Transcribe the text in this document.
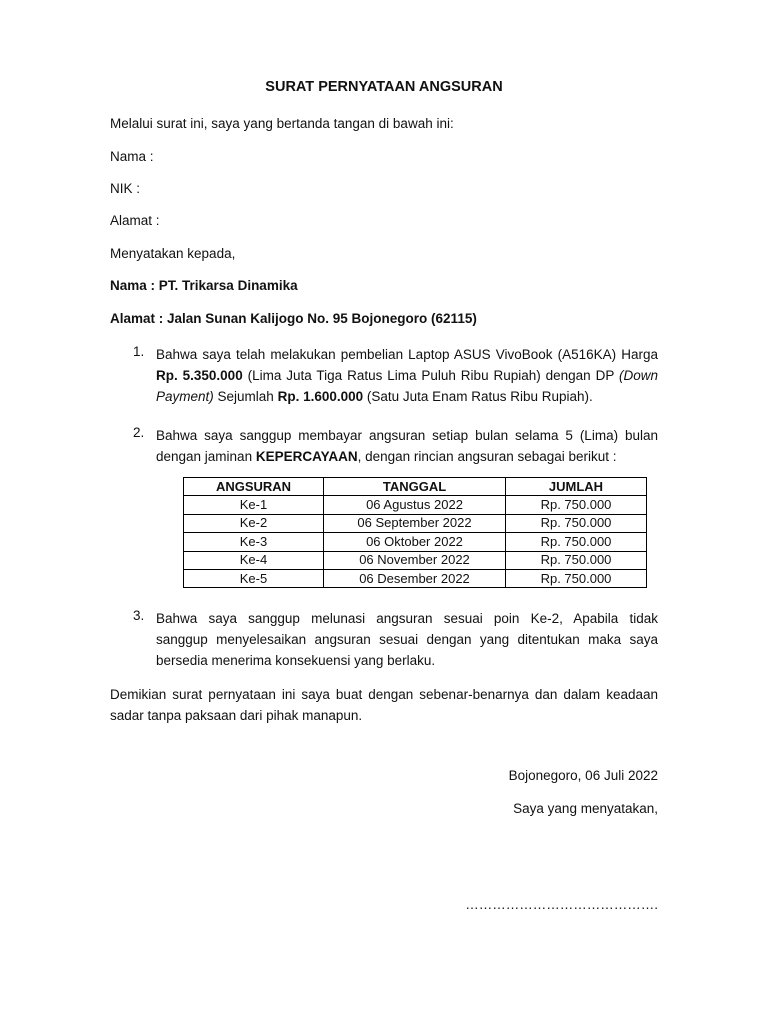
SURAT PERNYATAAN ANGSURAN
Melalui surat ini, saya yang bertanda tangan di bawah ini:
Nama :
NIK :
Alamat :
Menyatakan kepada,
Nama : PT. Trikarsa Dinamika
Alamat : Jalan Sunan Kalijogo No. 95 Bojonegoro (62115)
1. Bahwa saya telah melakukan pembelian Laptop ASUS VivoBook (A516KA) Harga
Rp. 5.350.000 (Lima Juta Tiga Ratus Lima Puluh Ribu Rupiah) dengan DP (Down
Payment) Sejumlah Rp. 1.600.000 (Satu Juta Enam Ratus Ribu Rupiah).
2. Bahwa saya sanggup membayar angsuran setiap bulan selama 5 (Lima) bulan
dengan jaminan KEPERCAYAAN, dengan rincian angsuran sebagai berikut :
ANGSURAN	TANGGAL	JUMLAH
Ke-1	06 Agustus 2022	Rp. 750.000
Ke-2	06 September 2022	Rp. 750.000
Ke-3	06 Oktober 2022	Rp. 750.000
Ke-4	06 November 2022	Rp. 750.000
Ke-5	06 Desember 2022	Rp. 750.000
3. Bahwa saya sanggup melunasi angsuran sesuai poin Ke-2, Apabila tidak
sanggup menyelesaikan angsuran sesuai dengan yang ditentukan maka saya
bersedia menerima konsekuensi yang berlaku.
Demikian surat pernyataan ini saya buat dengan sebenar-benarnya dan dalam keadaan
sadar tanpa paksaan dari pihak manapun.
Bojonegoro, 06 Juli 2022
Saya yang menyatakan,
…………………………………….
